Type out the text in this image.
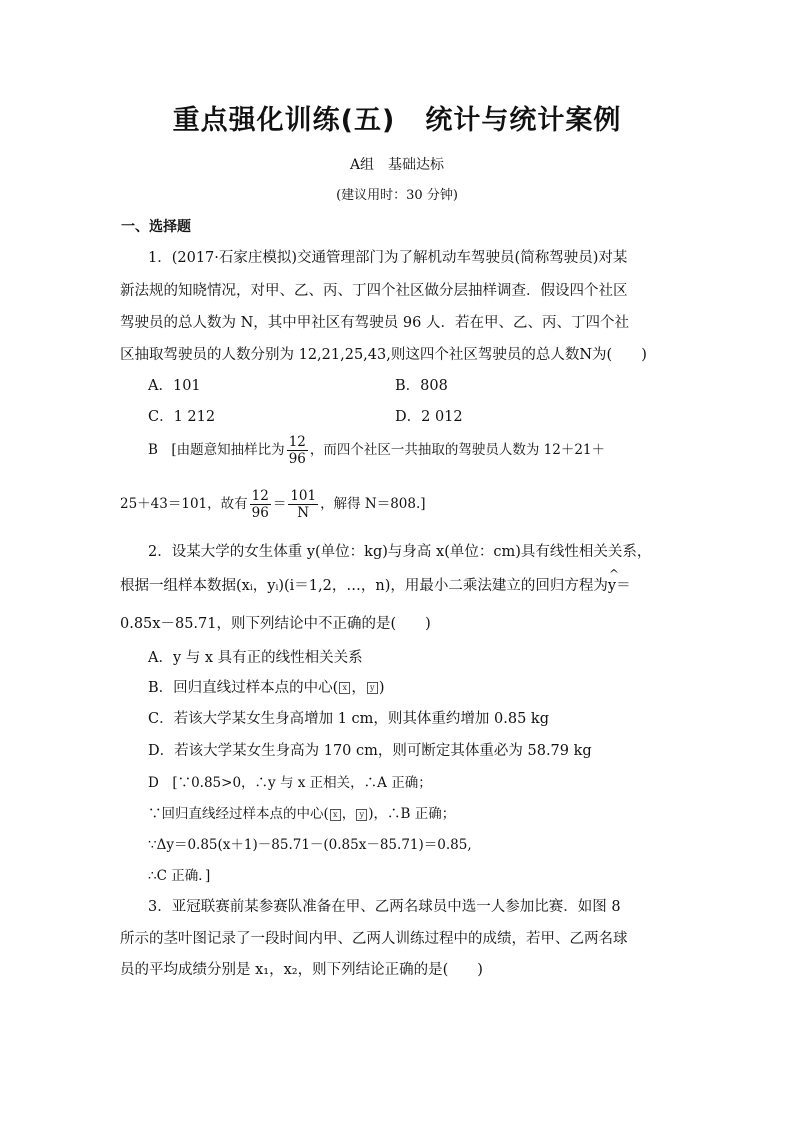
重点强化训练(五) 统计与统计案例
A组　基础达标
(建议用时：30 分钟)
一、选择题
1．(2017·石家庄模拟)交通管理部门为了解机动车驾驶员(简称驾驶员)对某
新法规的知晓情况，对甲、乙、丙、丁四个社区做分层抽样调查．假设四个社区
驾驶员的总人数为 N，其中甲社区有驾驶员 96 人．若在甲、乙、丙、丁四个社
区抽取驾驶员的人数分别为 12,21,25,43,则这四个社区驾驶员的总人数N为(　　)
A．101	B．808
C．1 212	D．2 012
B　[由题意知抽样比为 $\frac{12}{96}$ ，而四个社区一共抽取的驾驶员人数为 12＋21＋
25＋43＝101，故有 $\frac{12}{96} = \frac{101}{N}$ ，解得 N＝808.]
2．设某大学的女生体重 y(单位：kg)与身高 x(单位：cm)具有线性相关关系，
根据一组样本数据(xᵢ，yᵢ)(i＝1,2，…，n)，用最小二乘法建立的回归方程为^ y＝
0.85x－85.71，则下列结论中不正确的是(　　)
A．y 与 x 具有正的线性相关关系
B．回归直线过样本点的中心( x ， y )
C．若该大学某女生身高增加 1 cm，则其体重约增加 0.85 kg
D．若该大学某女生身高为 170 cm，则可断定其体重必为 58.79 kg
D　[∵0.85>0，∴y 与 x 正相关，∴A 正确；
∵回归直线经过样本点的中心( x ， y )，∴B 正确；
∵Δy＝0.85(x＋1)－85.71－(0.85x－85.71)＝0.85,
∴C 正确．]
3．亚冠联赛前某参赛队准备在甲、乙两名球员中选一人参加比赛．如图 8
所示的茎叶图记录了一段时间内甲、乙两人训练过程中的成绩，若甲、乙两名球
员的平均成绩分别是 x₁，x₂，则下列结论正确的是(　　)
